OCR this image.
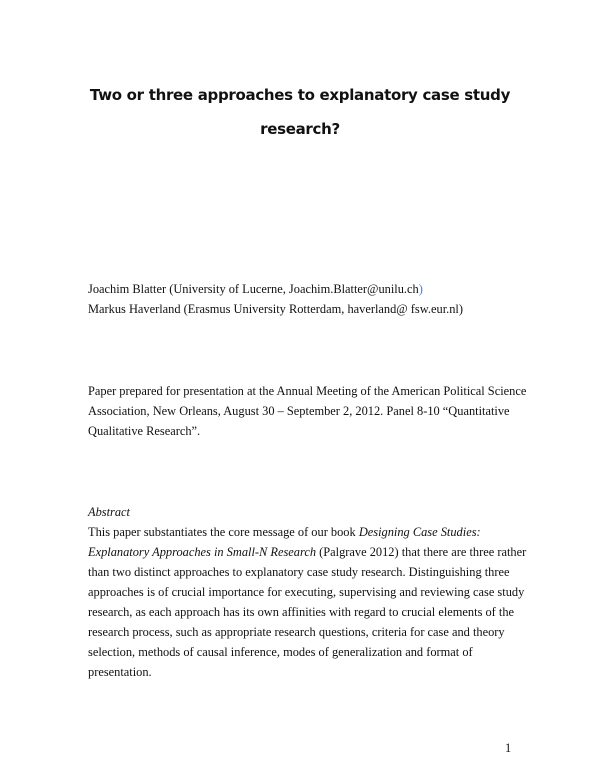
Two or three approaches to explanatory case study
research?
Joachim Blatter (University of Lucerne, Joachim.Blatter@unilu.ch)
Markus Haverland (Erasmus University Rotterdam, haverland@ fsw.eur.nl)
Paper prepared for presentation at the Annual Meeting of the American Political Science
Association, New Orleans, August 30 – September 2, 2012. Panel 8-10 “Quantitative
Qualitative Research”.
Abstract
This paper substantiates the core message of our book Designing Case Studies:
Explanatory Approaches in Small-N Research (Palgrave 2012) that there are three rather
than two distinct approaches to explanatory case study research. Distinguishing three
approaches is of crucial importance for executing, supervising and reviewing case study
research, as each approach has its own affinities with regard to crucial elements of the
research process, such as appropriate research questions, criteria for case and theory
selection, methods of causal inference, modes of generalization and format of
presentation.
1
